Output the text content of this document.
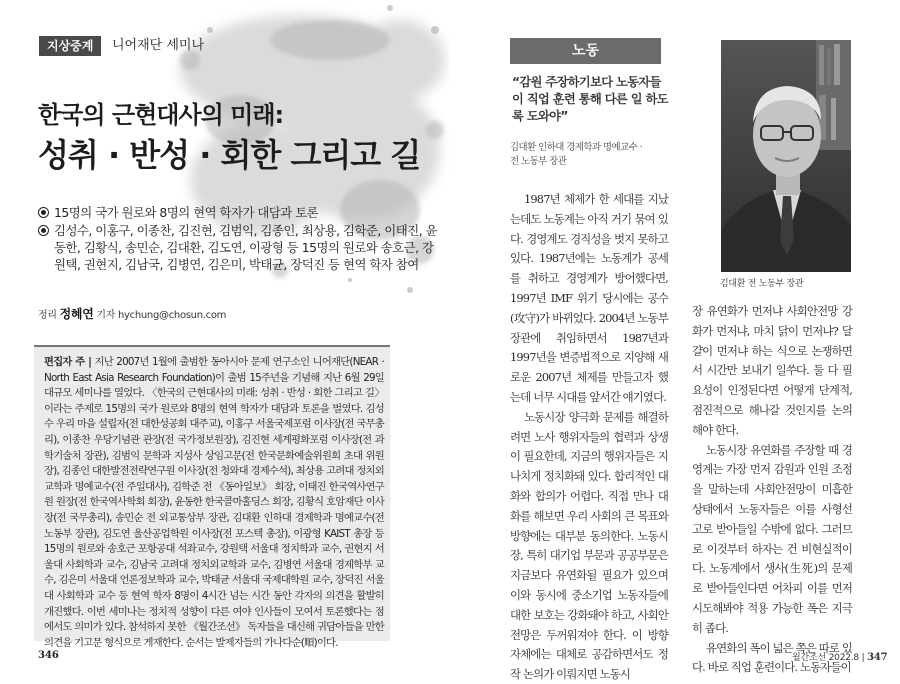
지상중계	니어재단 세미나
한국의 근현대사의 미래:
성취 · 반성 · 회한 그리고 길
15명의 국가 원로와 8명의 현역 학자가 대담과 토론
김성수, 이홍구, 이종찬, 김진현, 김범익, 김종인, 최상용, 김학준, 이태진, 윤동한, 김황식, 송민순, 김대환, 김도연, 이광형 등 15명의 원로와 송호근, 강원택, 권현지, 김남국, 김병연, 김은미, 박태균, 장덕진 등 현역 학자 참여
정리 정혜연 기자 hychung@chosun.com

편집자 주 | 지난 2007년 1월에 출범한 동아시아 문제 연구소인 니어재단(NEAR · North East Asia Research Foundation)이 출범 15주년을 기념해 지난 6월 29일 대규모 세미나를 열었다. 〈한국의 근현대사의 미래: 성취 · 반성 · 회한 그리고 길〉이라는 주제로 15명의 국가 원로와 8명의 현역 학자가 대담과 토론을 벌였다. 김성수 우리 마을 설립자(전 대한성공회 대주교), 이홍구 서울국제포럼 이사장(전 국무총리), 이종찬 우당기념관 관장(전 국가정보원장), 김진현 세계평화포럼 이사장(전 과학기술처 장관), 김범익 문학과 지성사 상임고문(전 한국문화예술위원회 초대 위원장), 김종인 대한발전전략연구원 이사장(전 청와대 경제수석), 최상용 고려대 정치외교학과 명예교수(전 주일대사), 김학준 전 《동아일보》 회장, 이태진 한국역사연구원 원장(전 한국역사학회 회장), 윤동한 한국콜마홀딩스 회장, 김황식 호암재단 이사장(전 국무총리), 송민순 전 외교통상부 장관, 김대환 인하대 경제학과 명예교수(전 노동부 장관), 김도연 울산공업학원 이사장(전 포스텍 총장), 이광형 KAIST 총장 등 15명의 원로와 송호근 포항공대 석좌교수, 강원택 서울대 정치학과 교수, 권현지 서울대 사회학과 교수, 김남국 고려대 정치외교학과 교수, 김병연 서울대 경제학부 교수, 김은미 서울대 언론정보학과 교수, 박태균 서울대 국제대학원 교수, 장덕진 서울대 사회학과 교수 등 현역 학자 8명이 4시간 넘는 시간 동안 각자의 의견을 활발히 개진했다. 이번 세미나는 정치적 성향이 다른 여야 인사들이 모여서 토론했다는 점에서도 의미가 있다. 참석하지 못한 《월간조선》 독자들을 대신해 귀담아들을 만한 의견을 기고문 형식으로 게재한다. 순서는 발제자들의 가나다순(順)이다.

346
노동
“감원 주장하기보다 노동자들이 직업 훈련 통해 다른 일 하도록 도와야”
김대환 인하대 경제학과 명예교수 ·
전 노동부 장관
김대환 전 노동부 장관

1987년 체제가 한 세대를 지났는데도 노동계는 아직 거기 묶여 있다. 경영계도 경직성을 벗지 못하고 있다. 1987년에는 노동계가 공세를 취하고 경영계가 방어했다면, 1997년 IMF 위기 당시에는 공수(攻守)가 바뀌었다. 2004년 노동부 장관에 취임하면서 1987년과 1997년을 변증법적으로 지양해 새로운 2007년 체제를 만들고자 했는데 너무 시대를 앞서간 얘기였다.

노동시장 양극화 문제를 해결하려면 노사 행위자들의 협력과 상생이 필요한데, 지금의 행위자들은 지나치게 정치화돼 있다. 합리적인 대화와 합의가 어렵다. 직접 만나 대화를 해보면 우리 사회의 큰 목표와 방향에는 대부분 동의한다. 노동시장, 특히 대기업 부문과 공공부문은 지금보다 유연화될 필요가 있으며 이와 동시에 중소기업 노동자들에 대한 보호는 강화돼야 하고, 사회안전망은 두꺼워져야 한다. 이 방향 자체에는 대체로 공감하면서도 정작 논의가 이뤄지면 노동시

장 유연화가 먼저냐 사회안전망 강화가 먼저냐, 마치 닭이 먼저냐? 달걀이 먼저냐 하는 식으로 논쟁하면서 시간만 보내기 일쑤다. 둘 다 필요성이 인정된다면 어떻게 단계적, 점진적으로 해나갈 것인지를 논의해야 한다.

노동시장 유연화를 주장할 때 경영계는 가장 먼저 감원과 인원 조정을 말하는데 사회안전망이 미흡한 상태에서 노동자들은 이를 사형선고로 받아들일 수밖에 없다. 그러므로 이것부터 하자는 건 비현실적이다. 노동계에서 생사(生死)의 문제로 받아들인다면 어차피 이를 먼저 시도해봐야 적용 가능한 폭은 지극히 좁다.

유연화의 폭이 넓은 쪽은 따로 있다. 바로 직업 훈련이다. 노동자들이

월간조선 2022.8 | 347
